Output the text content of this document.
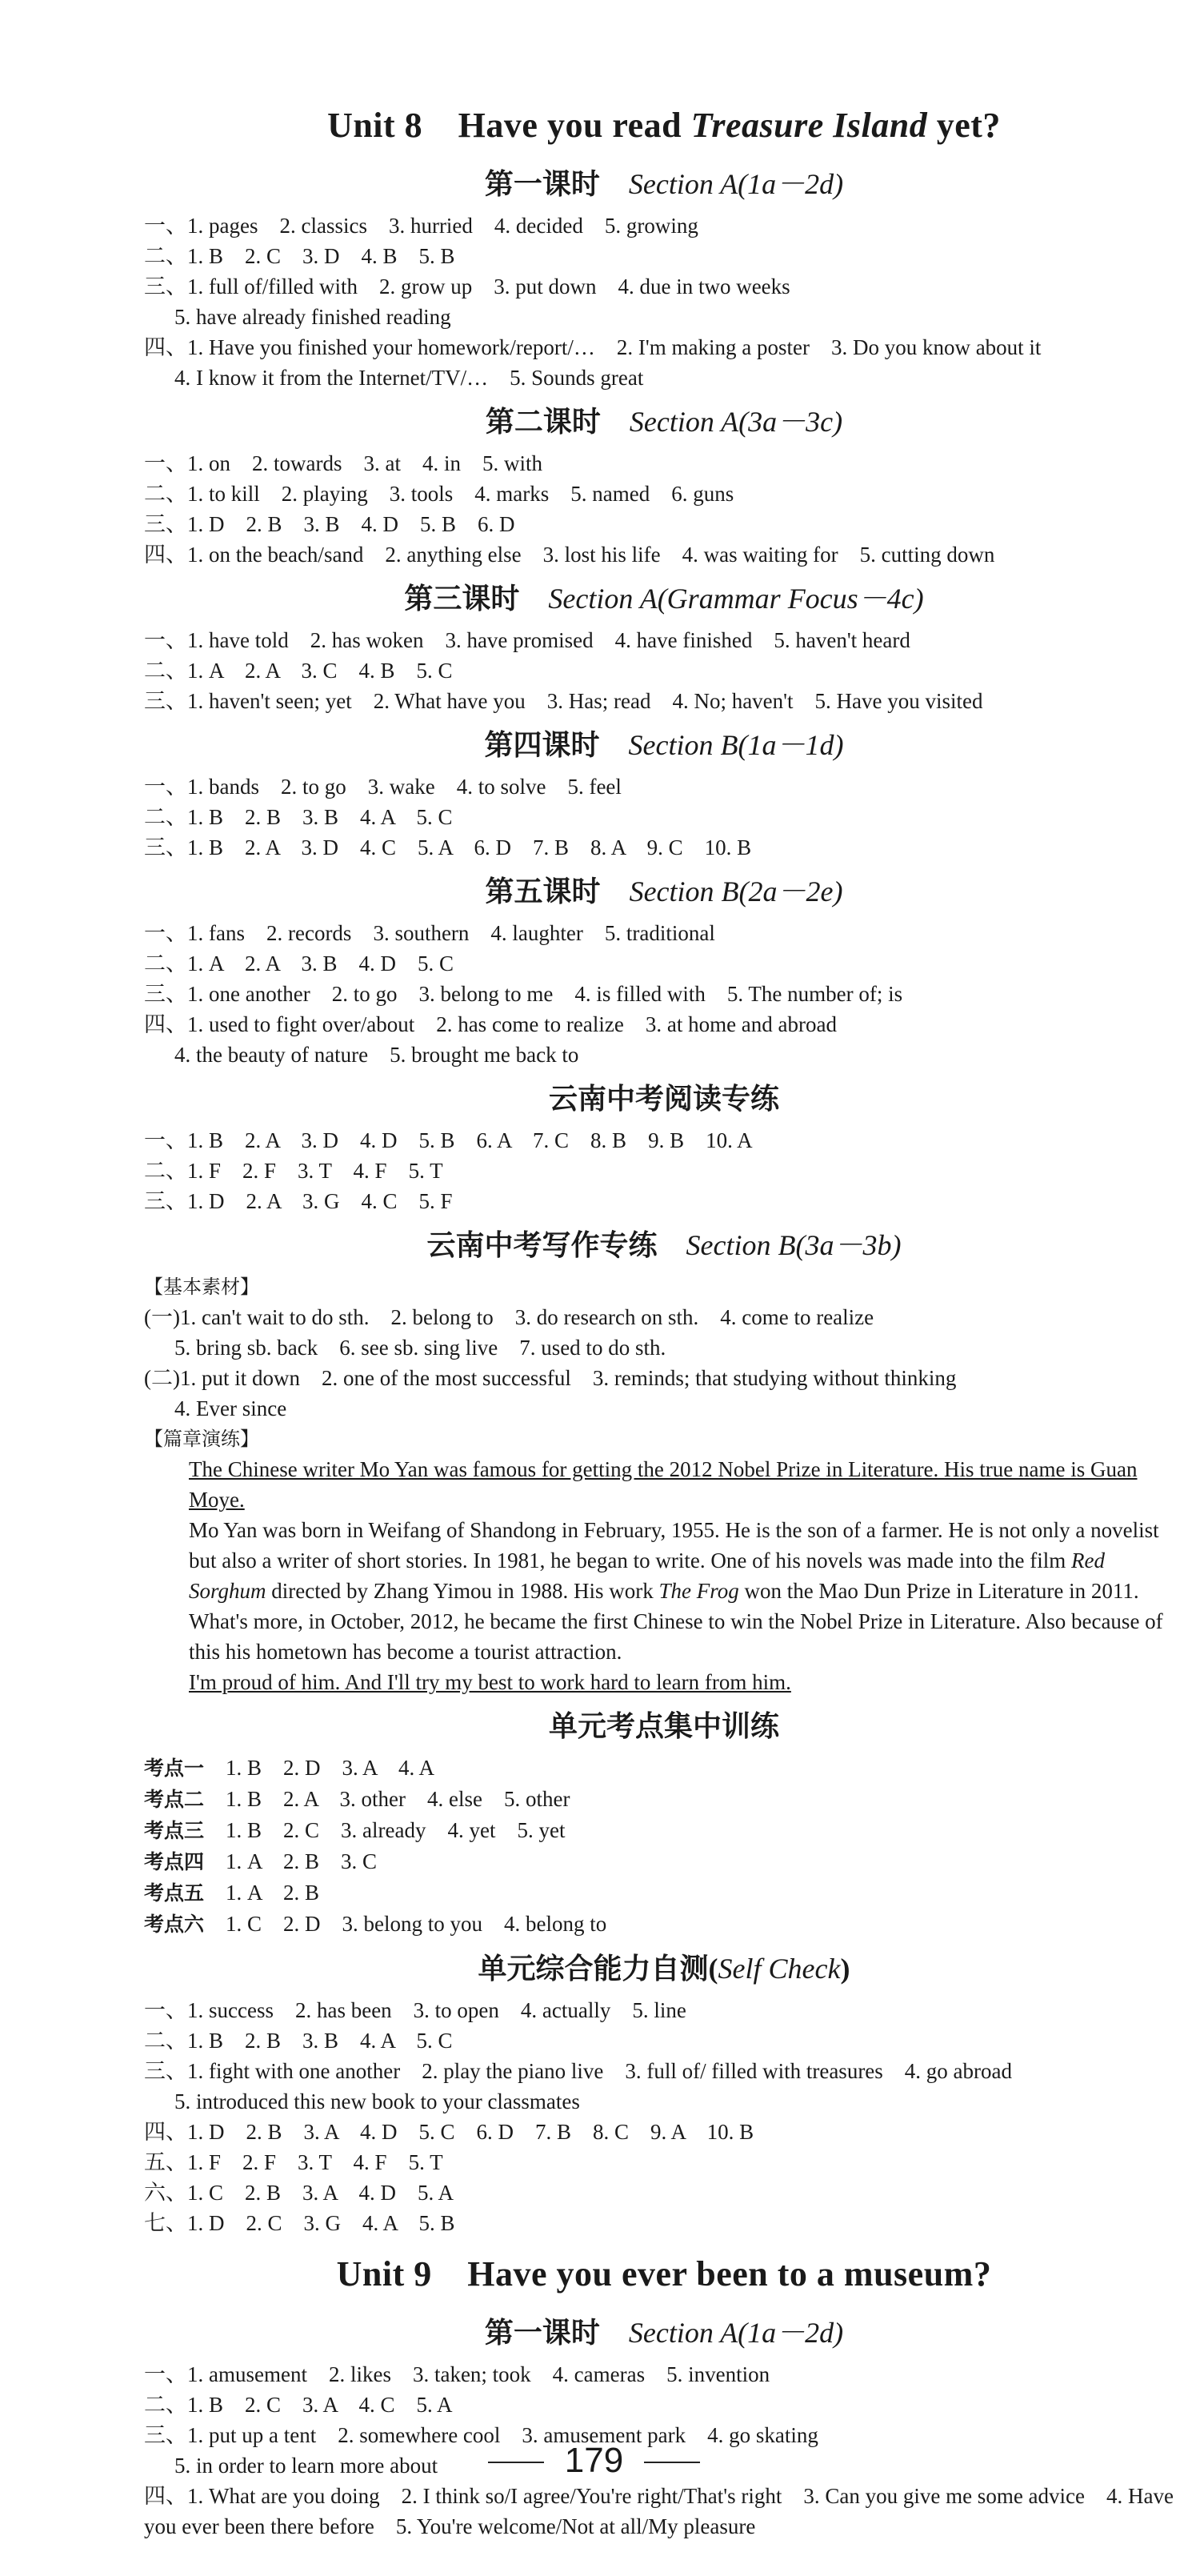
Unit 8　Have you read Treasure Island yet?
第一课时　 Section A(1a－2d)
一、1. pages　2. classics　3. hurried　4. decided　5. growing
二、1. B　2. C　3. D　4. B　5. B
三、1. full of/filled with　2. grow up　3. put down　4. due in two weeks
5. have already finished reading
四、1. Have you finished your homework/report/…　2. I'm making a poster　3. Do you know about it
4. I know it from the Internet/TV/…　5. Sounds great
第二课时　 Section A(3a－3c)
一、1. on　2. towards　3. at　4. in　5. with
二、1. to kill　2. playing　3. tools　4. marks　5. named　6. guns
三、1. D　2. B　3. B　4. D　5. B　6. D
四、1. on the beach/sand　2. anything else　3. lost his life　4. was waiting for　5. cutting down
第三课时　 Section A(Grammar Focus－4c)
一、1. have told　2. has woken　3. have promised　4. have finished　5. haven't heard
二、1. A　2. A　3. C　4. B　5. C
三、1. haven't seen; yet　2. What have you　3. Has; read　4. No; haven't　5. Have you visited
第四课时　 Section B(1a－1d)
一、1. bands　2. to go　3. wake　4. to solve　5. feel
二、1. B　2. B　3. B　4. A　5. C
三、1. B　2. A　3. D　4. C　5. A　6. D　7. B　8. A　9. C　10. B
第五课时　 Section B(2a－2e)
一、1. fans　2. records　3. southern　4. laughter　5. traditional
二、1. A　2. A　3. B　4. D　5. C
三、1. one another　2. to go　3. belong to me　4. is filled with　5. The number of; is
四、1. used to fight over/about　2. has come to realize　3. at home and abroad
4. the beauty of nature　5. brought me back to
云南中考阅读专练
一、1. B　2. A　3. D　4. D　5. B　6. A　7. C　8. B　9. B　10. A
二、1. F　2. F　3. T　4. F　5. T
三、1. D　2. A　3. G　4. C　5. F
云南中考写作专练　 Section B(3a－3b)
【基本素材】
(一)1. can't wait to do sth.　2. belong to　3. do research on sth.　4. come to realize
5. bring sb. back　6. see sb. sing live　7. used to do sth.
(二)1. put it down　2. one of the most successful　3. reminds; that studying without thinking
4. Ever since
【篇章演练】
The Chinese writer Mo Yan was famous for getting the 2012 Nobel Prize in Literature. His true name is Guan Moye.
Mo Yan was born in Weifang of Shandong in February, 1955. He is the son of a farmer. He is not only a novelist but also a writer of short stories. In 1981, he began to write. One of his novels was made into the film Red Sorghum directed by Zhang Yimou in 1988. His work The Frog won the Mao Dun Prize in Literature in 2011. What's more, in October, 2012, he became the first Chinese to win the Nobel Prize in Literature. Also because of this his hometown has become a tourist attraction.
I'm proud of him. And I'll try my best to work hard to learn from him.
单元考点集中训练
考点一　 1. B　2. D　3. A　4. A
考点二　 1. B　2. A　3. other　4. else　5. other
考点三　 1. B　2. C　3. already　4. yet　5. yet
考点四　 1. A　2. B　3. C
考点五　 1. A　2. B
考点六　 1. C　2. D　3. belong to you　4. belong to
单元综合能力自测(Self Check)
一、1. success　2. has been　3. to open　4. actually　5. line
二、1. B　2. B　3. B　4. A　5. C
三、1. fight with one another　2. play the piano live　3. full of/ filled with treasures　4. go abroad
5. introduced this new book to your classmates
四、1. D　2. B　3. A　4. D　5. C　6. D　7. B　8. C　9. A　10. B
五、1. F　2. F　3. T　4. F　5. T
六、1. C　2. B　3. A　4. D　5. A
七、1. D　2. C　3. G　4. A　5. B
Unit 9　Have you ever been to a museum?
第一课时　 Section A(1a－2d)
一、1. amusement　2. likes　3. taken; took　4. cameras　5. invention
二、1. B　2. C　3. A　4. C　5. A
三、1. put up a tent　2. somewhere cool　3. amusement park　4. go skating
5. in order to learn more about
四、1. What are you doing　2. I think so/I agree/You're right/That's right　3. Can you give me some advice　4. Have you ever been there before　5. You're welcome/Not at all/My pleasure
179
